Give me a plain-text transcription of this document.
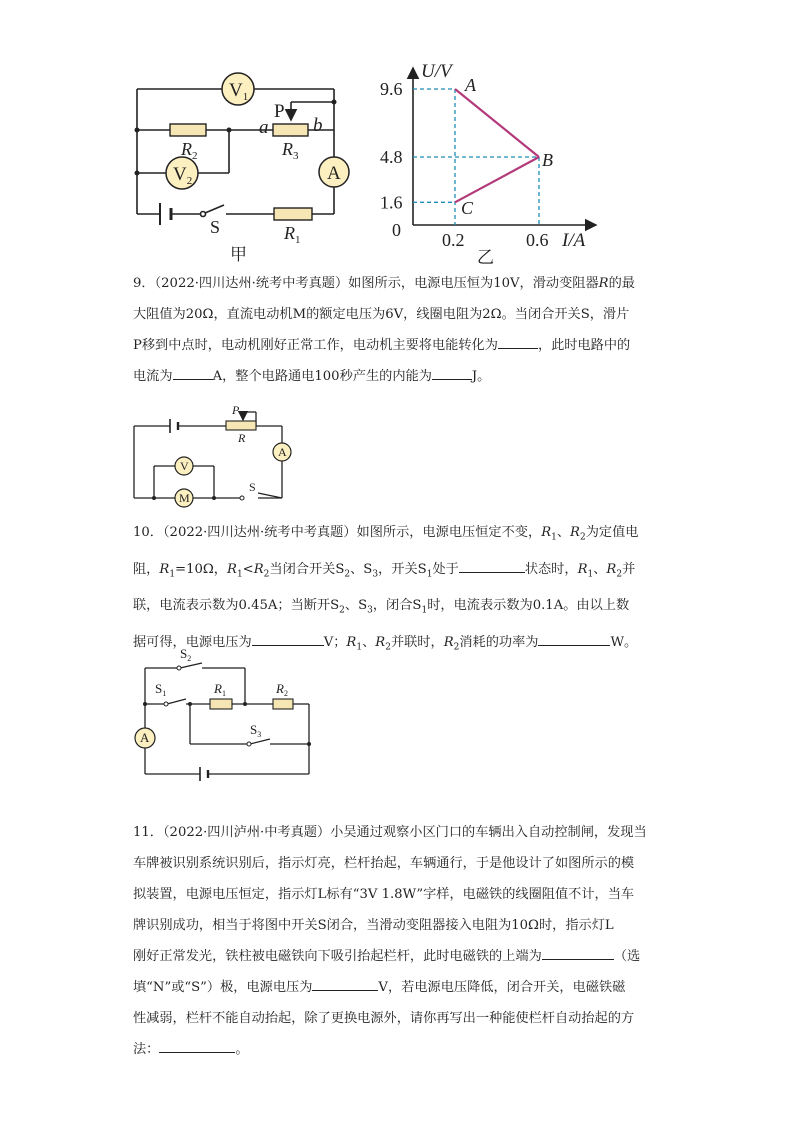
$V_1$
$V_2$	A
P
a b
$R_2$	$R_3$
$R_1$
S
甲
9.6
4.8
1.6
0.2	0.6
U/V
I/A
0
A
B
C
乙
P
R
V
M
A
S
$S_2$
$S_1$	$R_1$	$R_2$
$S_3$
A

9．（2022·四川达州·统考中考真题）如图所示，电源电压恒为10V，滑动变阻器R的最

大阻值为20Ω，直流电动机M的额定电压为6V，线圈电阻为2Ω。当闭合开关S，滑片

P移到中点时，电动机刚好正常工作，电动机主要将电能转化为	，此时电路中的

电流为	A，整个电路通电100秒产生的内能为	J。

10．（2022·四川达州·统考中考真题）如图所示，电源电压恒定不变，$R_1$、$R_2$为定值电

阻，$R_1=10\Omega$，$R_1<R_2$当闭合开关$S_2$、$S_3$，开关$S_1$处于	状态时，$R_1$、$R_2$并

联，电流表示数为0.45A；当断开$S_2$、$S_3$，闭合$S_1$时，电流表示数为0.1A。由以上数

据可得，电源电压为	V；$R_1$、$R_2$并联时，$R_2$消耗的功率为	W。

11．（2022·四川泸州·中考真题）小吴通过观察小区门口的车辆出入自动控制闸，发现当

车牌被识别系统识别后，指示灯亮，栏杆抬起，车辆通行，于是他设计了如图所示的模

拟装置，电源电压恒定，指示灯L标有“3V 1.8W”字样，电磁铁的线圈阻值不计，当车

牌识别成功，相当于将图中开关S闭合，当滑动变阻器接入电阻为10Ω时，指示灯L

刚好正常发光，铁柱被电磁铁向下吸引抬起栏杆，此时电磁铁的上端为	（选

填“N”或“S”）极，电源电压为	V，若电源电压降低，闭合开关，电磁铁磁

性减弱，栏杆不能自动抬起，除了更换电源外，请你再写出一种能使栏杆自动抬起的方

法：	。
